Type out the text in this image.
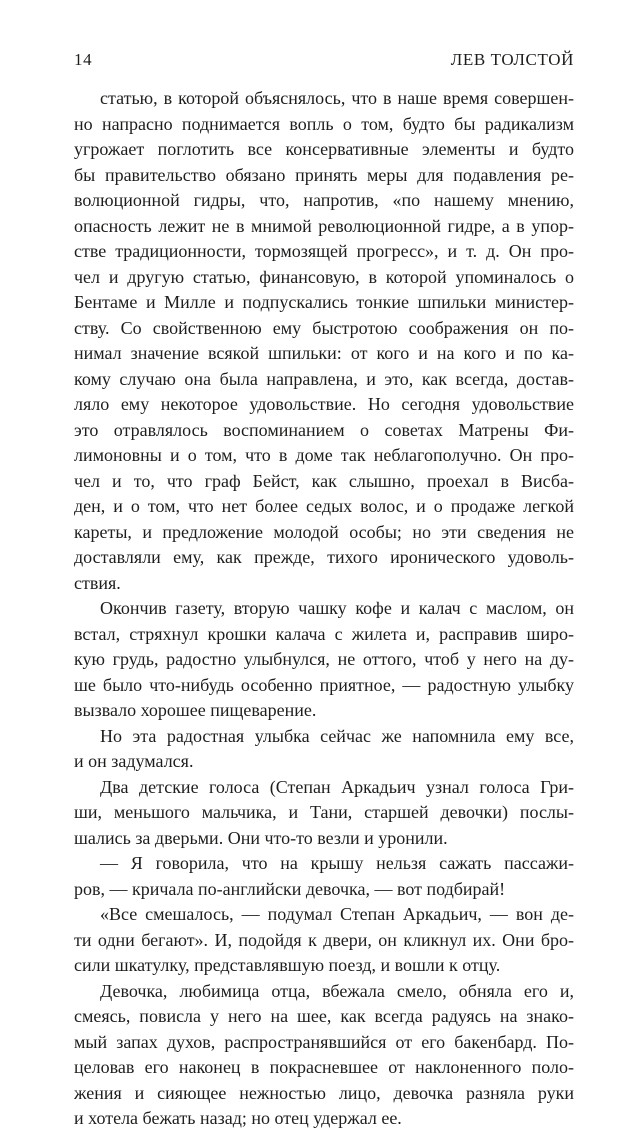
14	ЛЕВ ТОЛСТОЙ
статью, в которой объяснялось, что в наше время совершен-
но напрасно поднимается вопль о том, будто бы радикализм
угрожает поглотить все консервативные элементы и будто
бы правительство обязано принять меры для подавления ре-
волюционной гидры, что, напротив, «по нашему мнению,
опасность лежит не в мнимой революционной гидре, а в упор-
стве традиционности, тормозящей прогресс», и т. д. Он про-
чел и другую статью, финансовую, в которой упоминалось о
Бентаме и Милле и подпускались тонкие шпильки министер-
ству. Со свойственною ему быстротою соображения он по-
нимал значение всякой шпильки: от кого и на кого и по ка-
кому случаю она была направлена, и это, как всегда, достав-
ляло ему некоторое удовольствие. Но сегодня удовольствие
это отравлялось воспоминанием о советах Матрены Фи-
лимоновны и о том, что в доме так неблагополучно. Он про-
чел и то, что граф Бейст, как слышно, проехал в Висба-
ден, и о том, что нет более седых волос, и о продаже легкой
кареты, и предложение молодой особы; но эти сведения не
доставляли ему, как прежде, тихого иронического удоволь-
ствия.
Окончив газету, вторую чашку кофе и калач с маслом, он
встал, стряхнул крошки калача с жилета и, расправив широ-
кую грудь, радостно улыбнулся, не оттого, чтоб у него на ду-
ше было что-нибудь особенно приятное, — радостную улыбку
вызвало хорошее пищеварение.
Но эта радостная улыбка сейчас же напомнила ему все,
и он задумался.
Два детские голоса (Степан Аркадьич узнал голоса Гри-
ши, меньшого мальчика, и Тани, старшей девочки) послы-
шались за дверьми. Они что-то везли и уронили.
— Я говорила, что на крышу нельзя сажать пассажи-
ров, — кричала по-английски девочка, — вот подбирай!
«Все смешалось, — подумал Степан Аркадьич, — вон де-
ти одни бегают». И, подойдя к двери, он кликнул их. Они бро-
сили шкатулку, представлявшую поезд, и вошли к отцу.
Девочка, любимица отца, вбежала смело, обняла его и,
смеясь, повисла у него на шее, как всегда радуясь на знако-
мый запах духов, распространявшийся от его бакенбард. По-
целовав его наконец в покрасневшее от наклоненного поло-
жения и сияющее нежностью лицо, девочка разняла руки
и хотела бежать назад; но отец удержал ее.
